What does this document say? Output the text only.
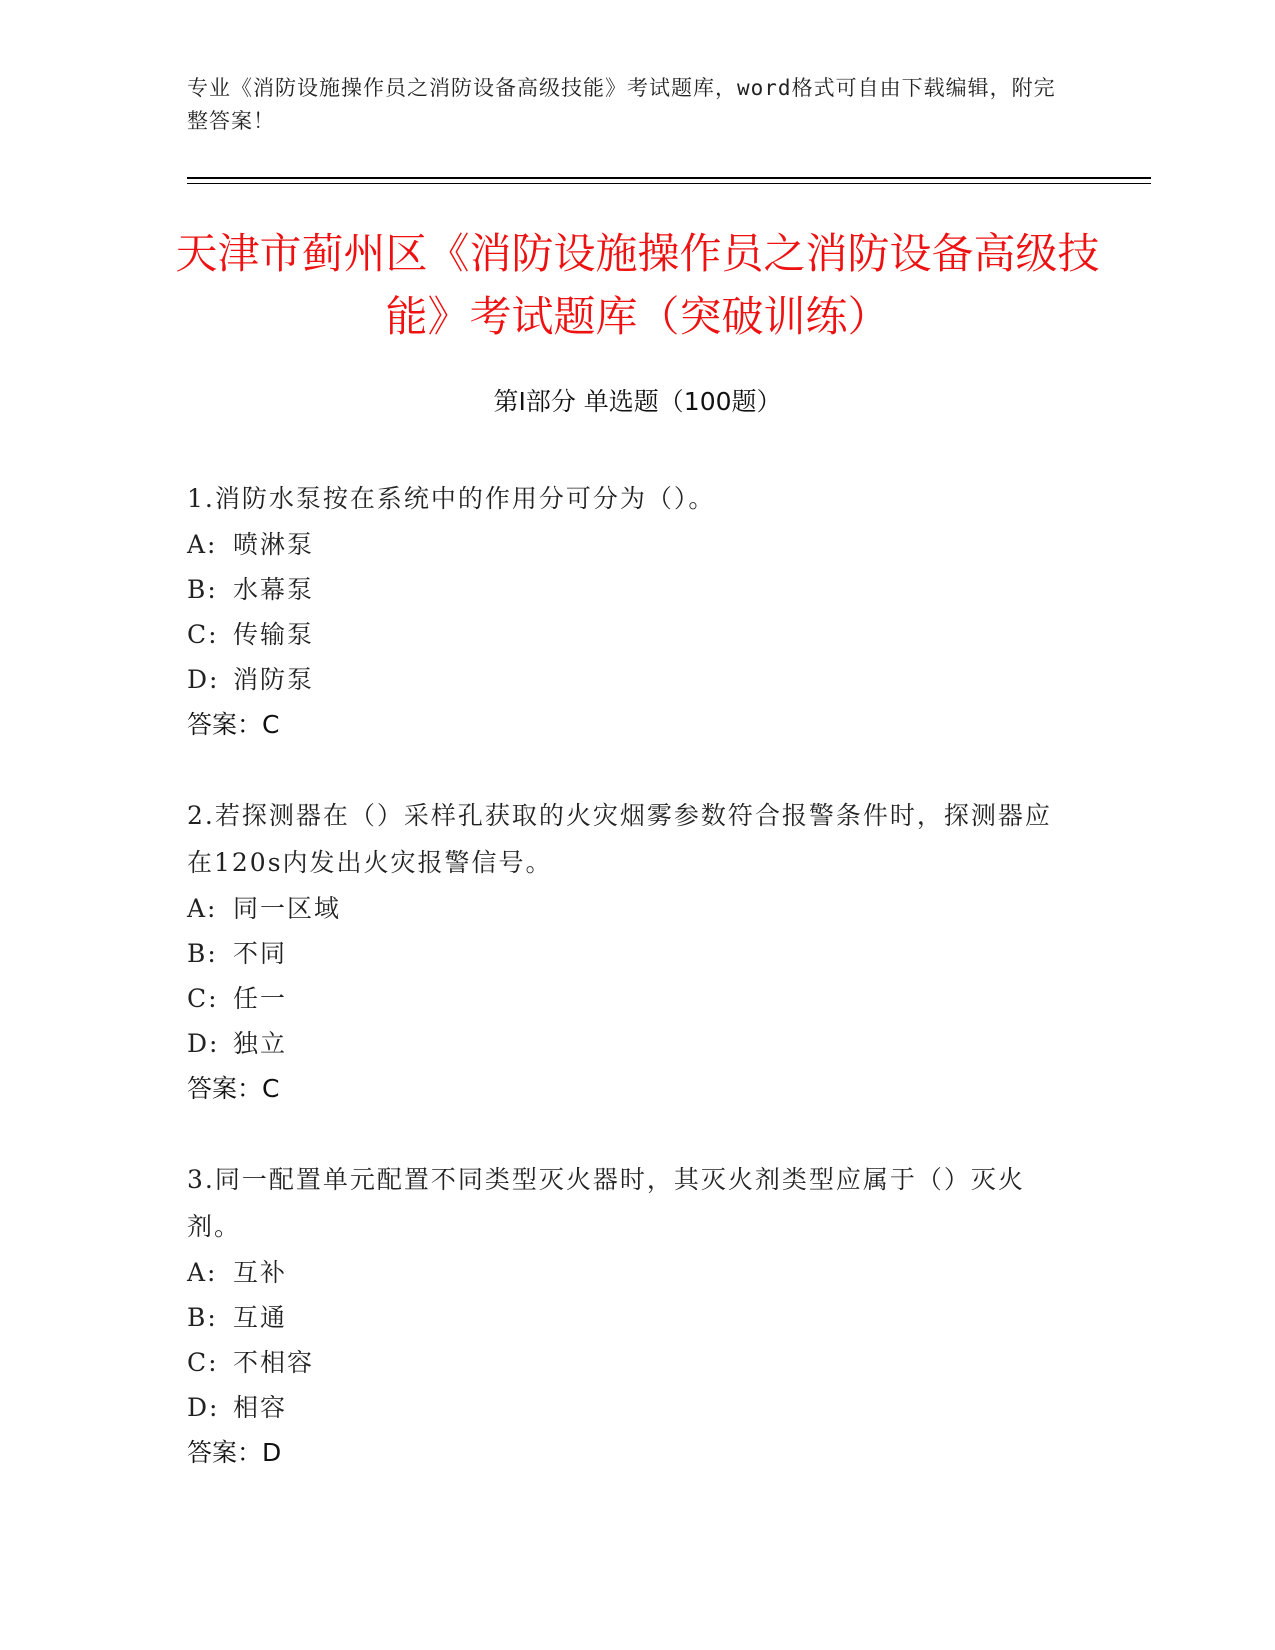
专业《消防设施操作员之消防设备高级技能》考试题库，word格式可自由下载编辑，附完整答案！
天津市蓟州区《消防设施操作员之消防设备高级技能》考试题库（突破训练）
第Ⅰ部分 单选题（100题）
1.消防水泵按在系统中的作用分可分为（）。
A: 喷淋泵
B: 水幕泵
C: 传输泵
D: 消防泵
答案：C
2.若探测器在（）采样孔获取的火灾烟雾参数符合报警条件时，探测器应在120s内发出火灾报警信号。
A: 同一区域
B: 不同
C: 任一
D: 独立
答案：C
3.同一配置单元配置不同类型灭火器时，其灭火剂类型应属于（）灭火剂。
A: 互补
B: 互通
C: 不相容
D: 相容
答案：D
